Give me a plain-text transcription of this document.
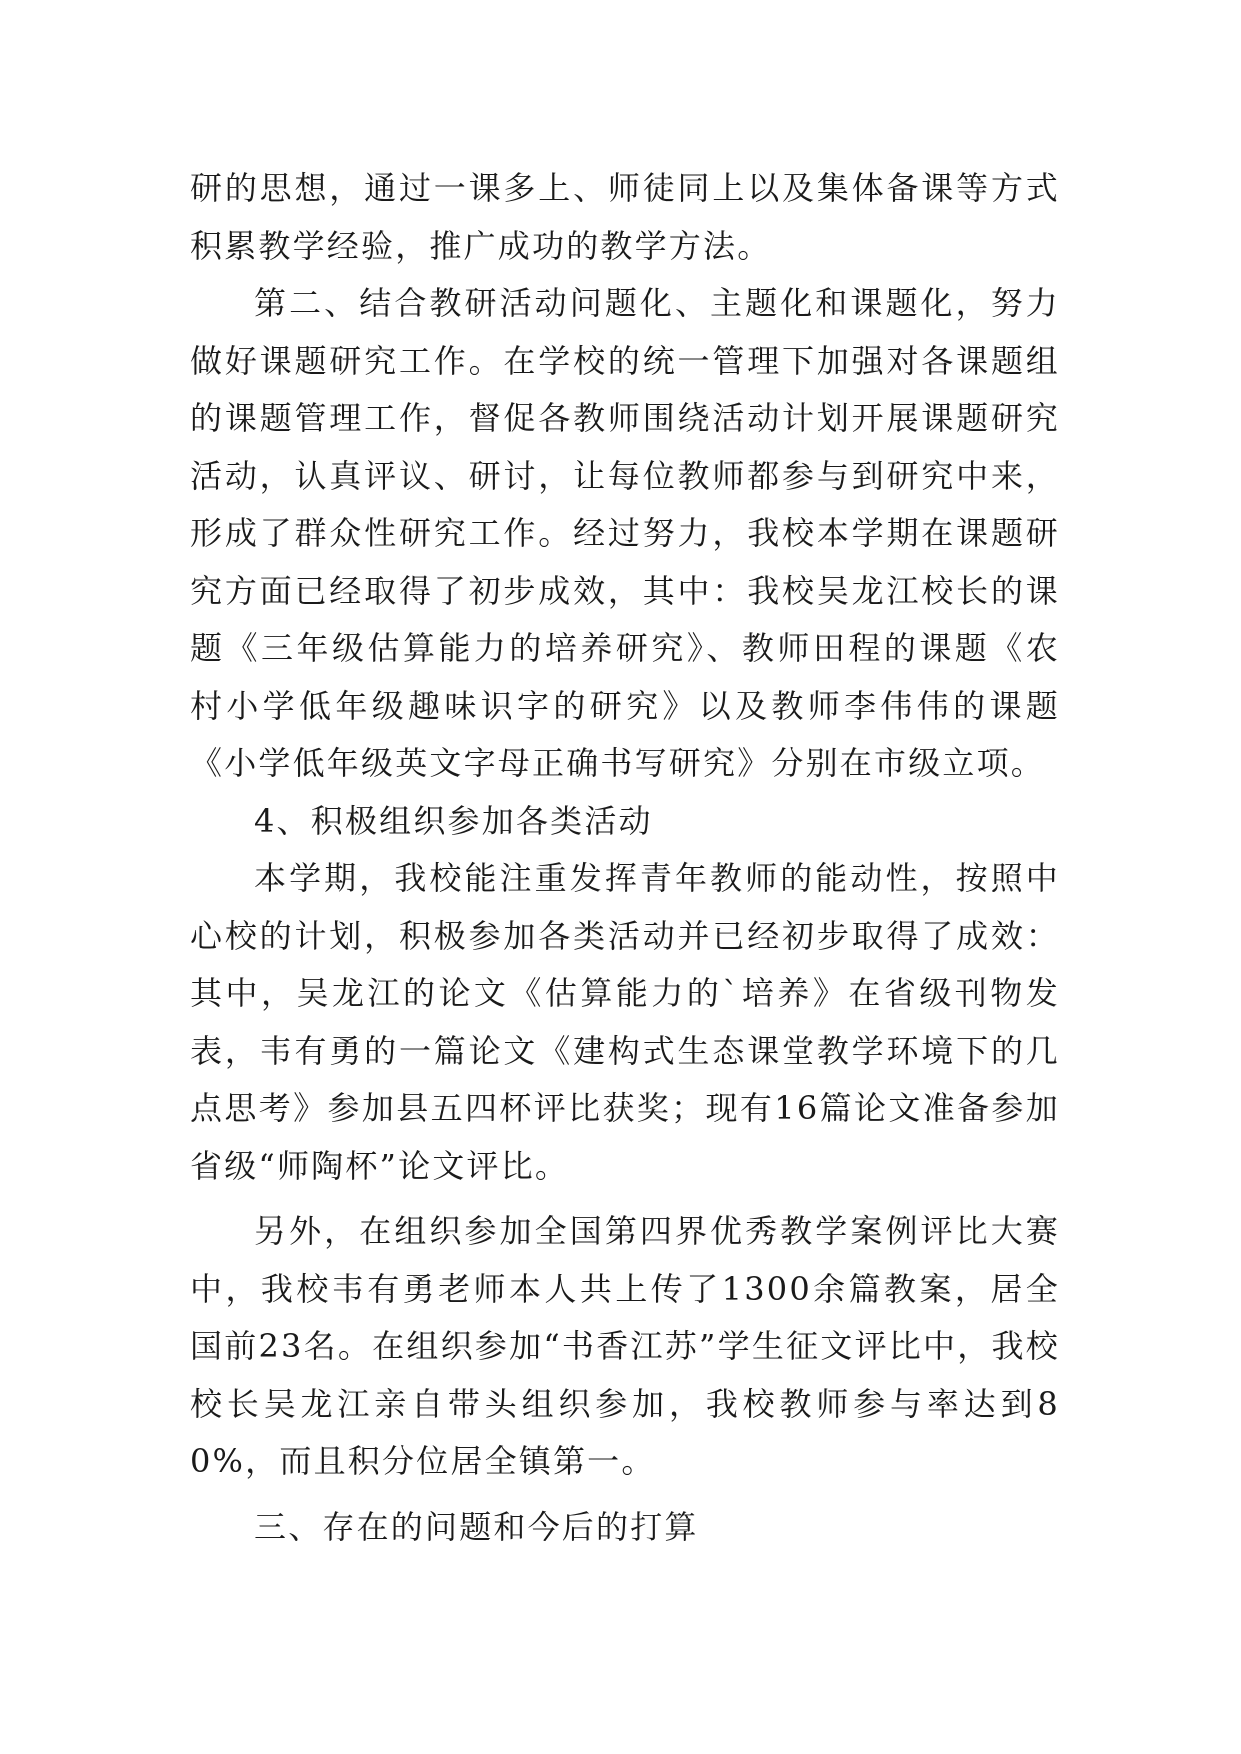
研的思想，通过一课多上、师徒同上以及集体备课等方式积累教学经验，推广成功的教学方法。

第二、结合教研活动问题化、主题化和课题化，努力做好课题研究工作。在学校的统一管理下加强对各课题组的课题管理工作，督促各教师围绕活动计划开展课题研究活动，认真评议、研讨，让每位教师都参与到研究中来，形成了群众性研究工作。经过努力，我校本学期在课题研究方面已经取得了初步成效，其中：我校吴龙江校长的课题《三年级估算能力的培养研究》、教师田程的课题《农村小学低年级趣味识字的研究》以及教师李伟伟的课题《小学低年级英文字母正确书写研究》分别在市级立项。

4、积极组织参加各类活动

本学期，我校能注重发挥青年教师的能动性，按照中心校的计划，积极参加各类活动并已经初步取得了成效：其中，吴龙江的论文《估算能力的`培养》在省级刊物发表，韦有勇的一篇论文《建构式生态课堂教学环境下的几点思考》参加县五四杯评比获奖；现有16篇论文准备参加省级“师陶杯”论文评比。

另外，在组织参加全国第四界优秀教学案例评比大赛中，我校韦有勇老师本人共上传了1300余篇教案，居全国前23名。在组织参加“书香江苏”学生征文评比中，我校校长吴龙江亲自带头组织参加，我校教师参与率达到80%，而且积分位居全镇第一。

三、存在的问题和今后的打算
